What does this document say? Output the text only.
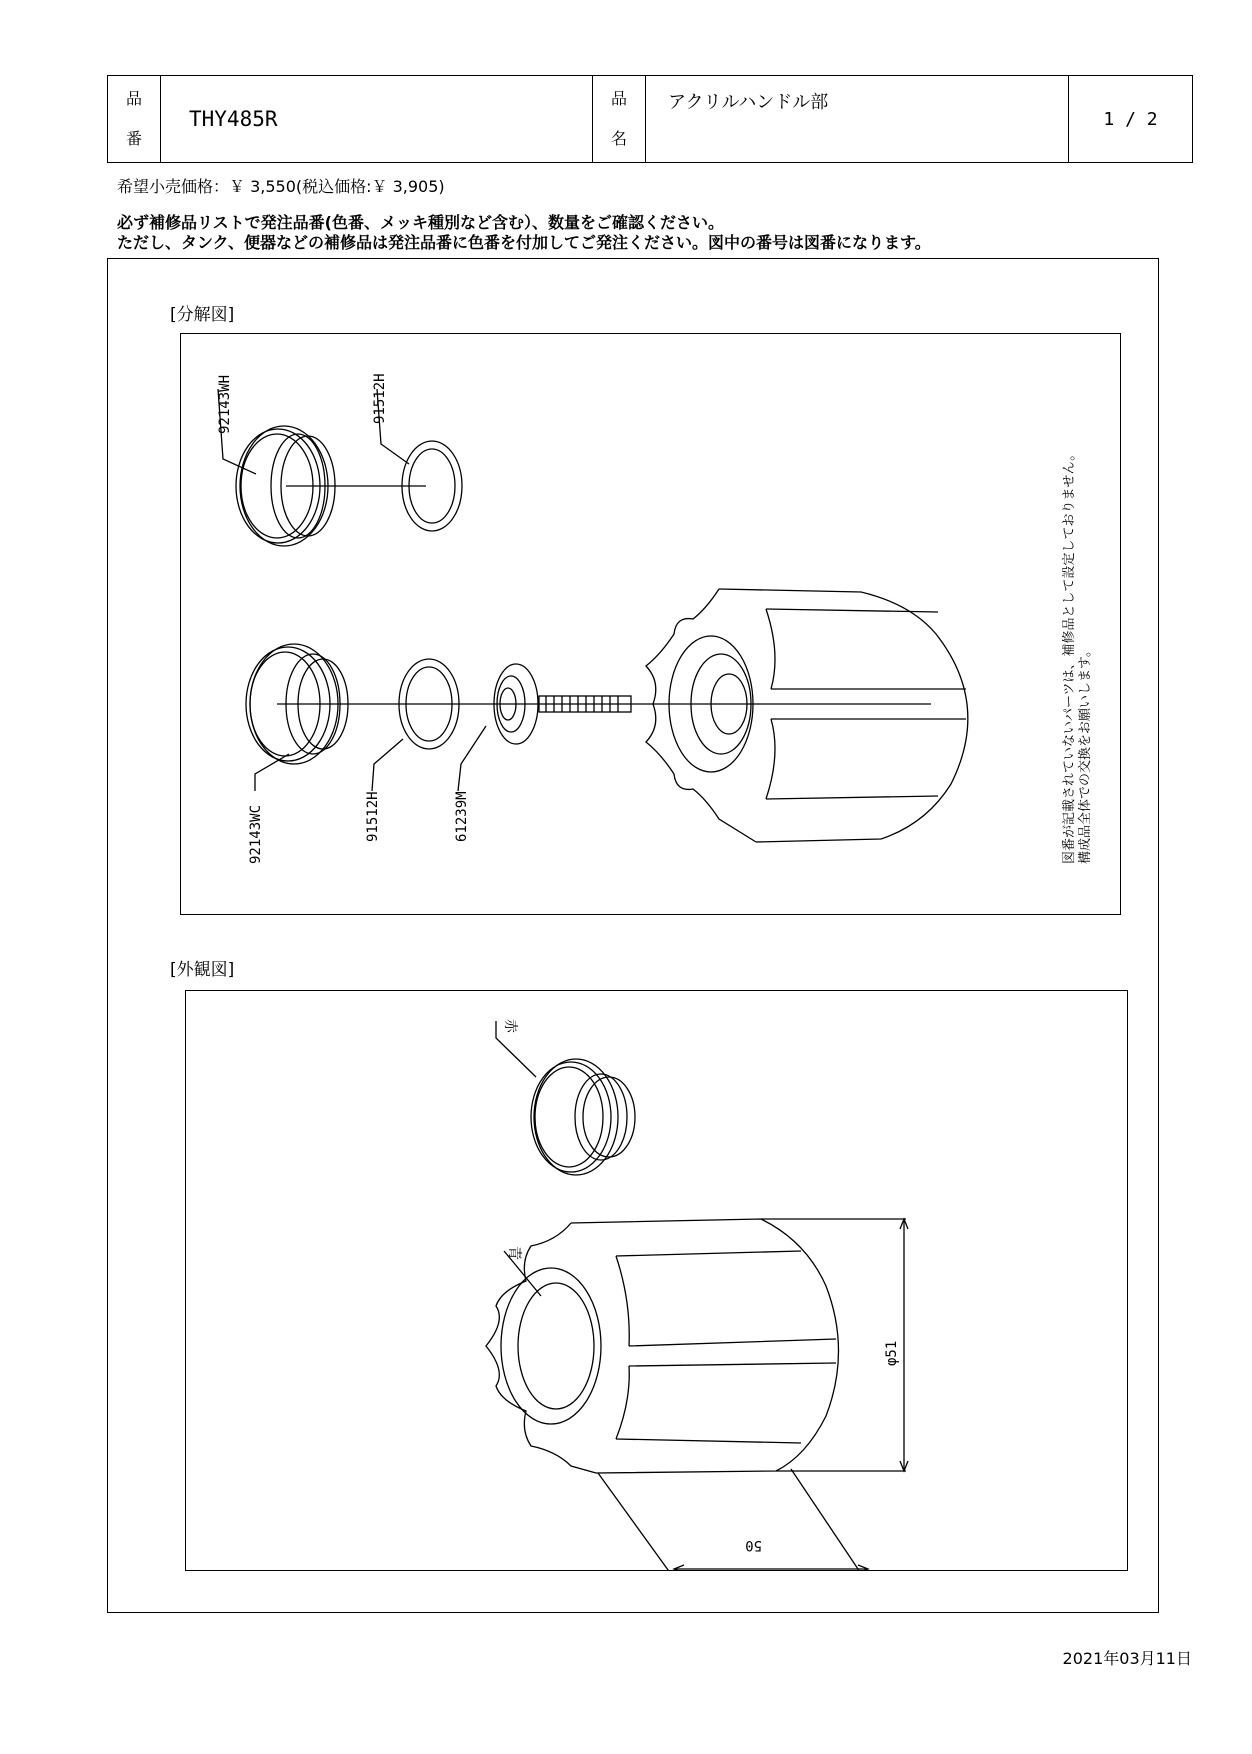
品
番
	THY485R	
品
名
	アクリルハンドル部	1 / 2
希望小売価格：￥ 3,550(税込価格:￥ 3,905)
必ず補修品リストで発注品番(色番、メッキ種別など含む）、数量をご確認ください。
ただし、タンク、便器などの補修品は発注品番に色番を付加してご発注ください。図中の番号は図番になります。
[分解図]
92143WH	91512H
92143WC	91512H	61239M	図番が記載されていないパーツは、補修品として設定しておりません。 構成品全体での交換をお願いします。
[外観図]
赤
青
φ51
50
2021年03月11日
